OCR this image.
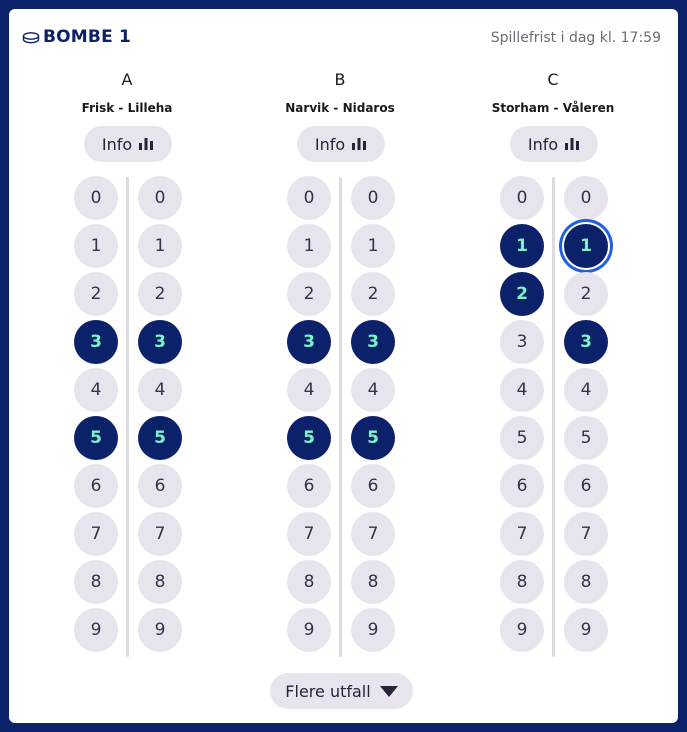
BOMBE 1	Spillefrist i dag kl. 17:59
A
Frisk - Lilleha
Info
0
1
2
3
4
5
6
7
8
9
0
1
2
3
4
5
6
7
8
9
B
Narvik - Nidaros
Info
0
1
2
3
4
5
6
7
8
9
0
1
2
3
4
5
6
7
8
9
C
Storham - Våleren
Info
0
1
2
3
4
5
6
7
8
9
0
1
2
3
4
5
6
7
8
9
Flere utfall
